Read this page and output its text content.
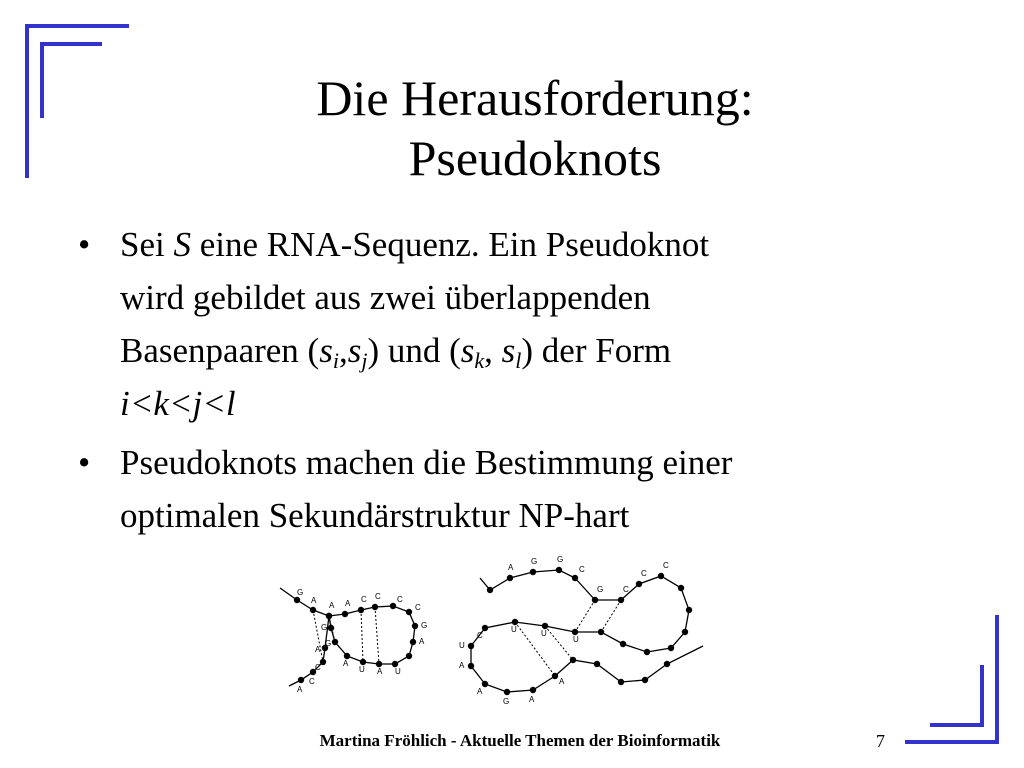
Die Herausforderung:
Pseudoknots
• Sei S eine RNA-Sequenz. Ein Pseudoknot
wird gebildet aus zwei überlappenden
Basenpaaren $(s_i,s_j)$ und ($s_k$, $s_l$) der Form
i<k<j<l
• Pseudoknots machen die Bestimmung einer
optimalen Sekundärstruktur NP-hart
G
A
A A C C C
C
G
A
U
A
U
A
G
G
A
C
C
A
A
G G
C
G C
C
C
U
U
U
C
U
A
A
G A
A
Martina Fröhlich - Aktuelle Themen der Bioinformatik	7
